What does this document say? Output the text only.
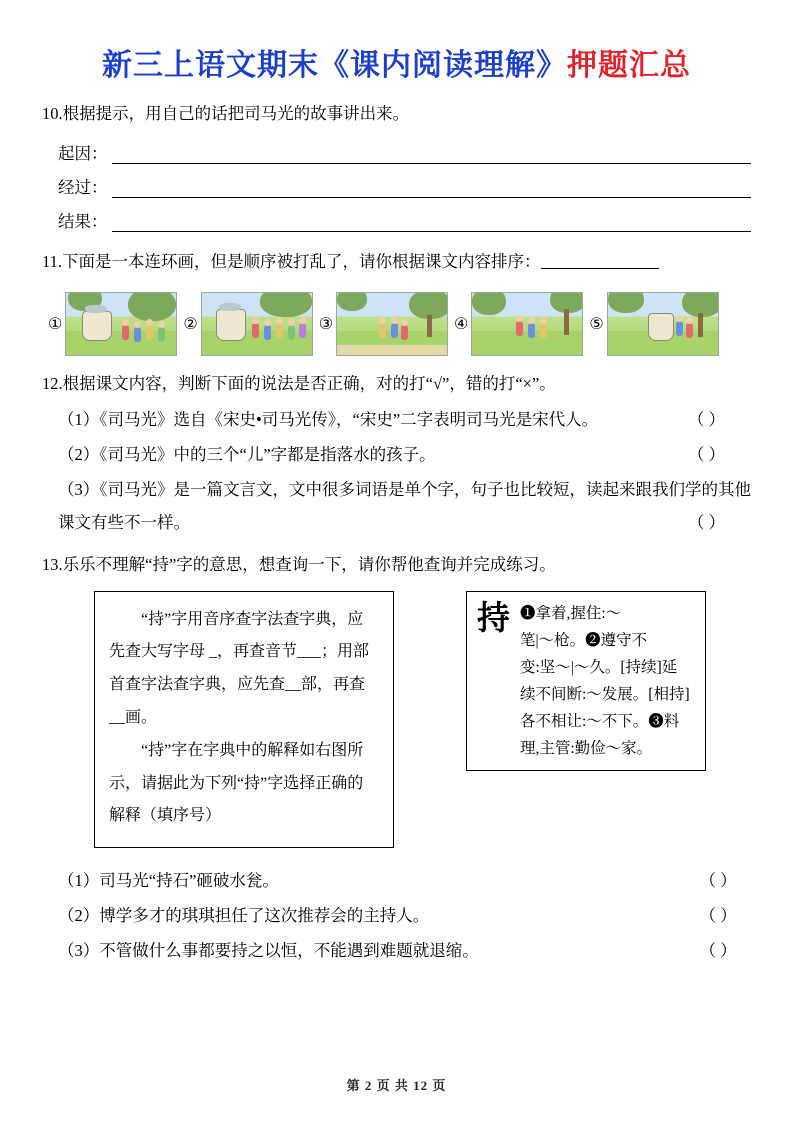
新三上语文期末《课内阅读理解》押题汇总
10.根据提示，用自己的话把司马光的故事讲出来。
起因：
经过：
结果：
11.下面是一本连环画，但是顺序被打乱了，请你根据课文内容排序：
①	②	③	④	⑤
12.根据课文内容，判断下面的说法是否正确，对的打“√”，错的打“×”。
（1）《司马光》选自《宋史•司马光传》，“宋史”二字表明司马光是宋代人。	（ ）
（2）《司马光》中的三个“儿”字都是指落水的孩子。	（ ）
（3）《司马光》是一篇文言文，文中很多词语是单个字，句子也比较短，读起来跟我们学的其他课文有些不一样。	（ ）
13.乐乐不理解“持”字的意思，想查询一下，请你帮他查询并完成练习。

“持”字用音序查字法查字典，应先查大写字母 _，再查音节___；用部首查字法查字典，应先查__部，再查 __画。

“持”字在字典中的解释如右图所示，请据此为下列“持”字选择正确的解释（填序号）

持 ❶拿着,握住:～

笔|～枪。❷遵守不

变:坚～|～久。[持续]延

续不间断:～发展。[相持]

各不相让:～不下。❸料

理,主管:勤俭～家。

（1）司马光“持石”砸破水瓮。	（ ）
（2）博学多才的琪琪担任了这次推荐会的主持人。	（ ）
（3）不管做什么事都要持之以恒，不能遇到难题就退缩。	（ ）
第 2 页 共 12 页
